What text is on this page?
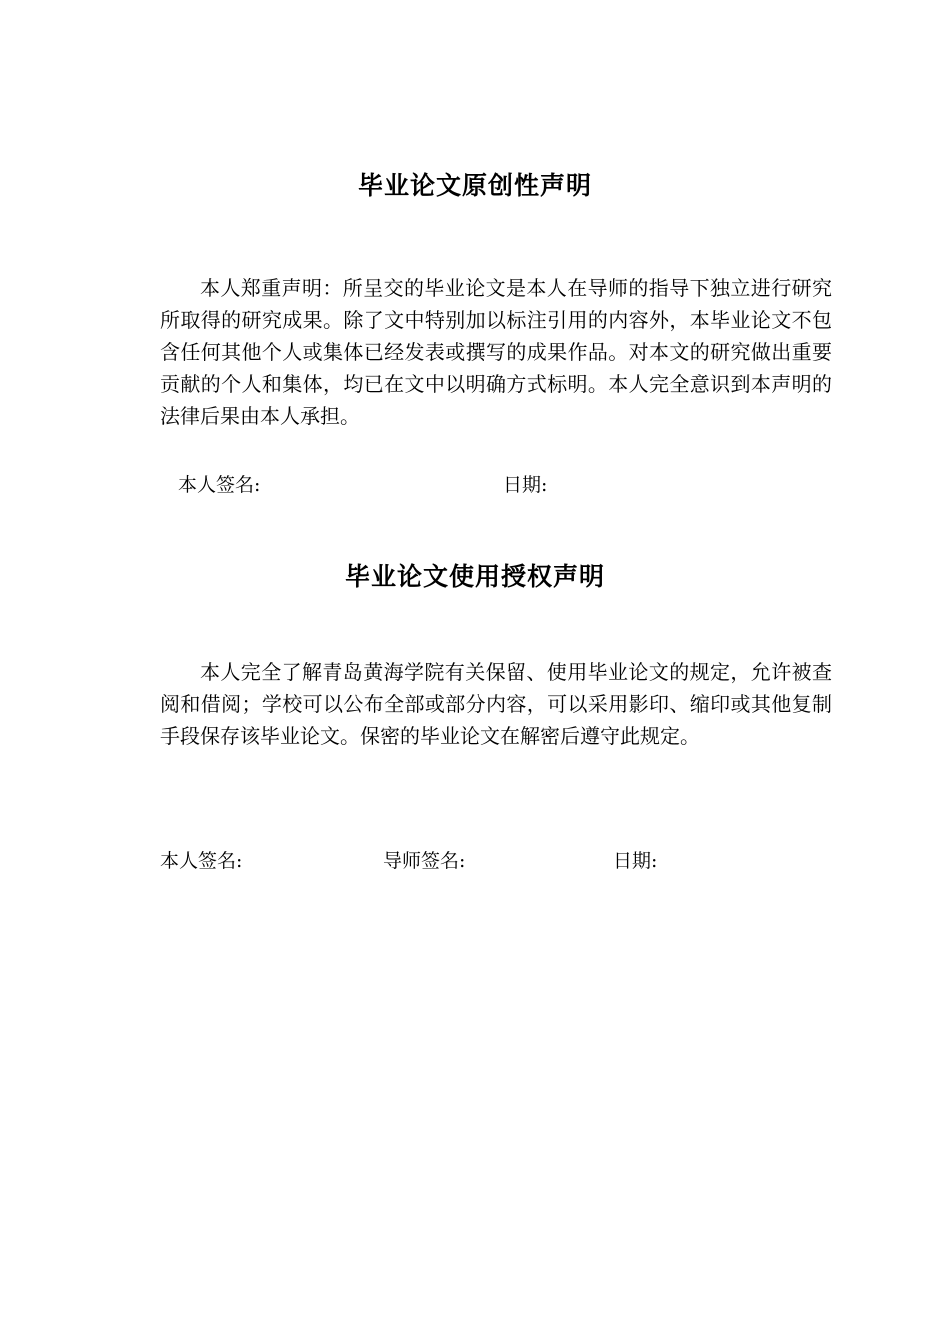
毕业论文原创性声明

本人郑重声明：所呈交的毕业论文是本人在导师的指导下独立进行研究所取得的研究成果。除了文中特别加以标注引用的内容外，本毕业论文不包含任何其他个人或集体已经发表或撰写的成果作品。对本文的研究做出重要贡献的个人和集体，均已在文中以明确方式标明。本人完全意识到本声明的法律后果由本人承担。

本人签名:	日期:
毕业论文使用授权声明

本人完全了解青岛黄海学院有关保留、使用毕业论文的规定，允许被查阅和借阅；学校可以公布全部或部分内容，可以采用影印、缩印或其他复制手段保存该毕业论文。保密的毕业论文在解密后遵守此规定。

本人签名:	导师签名:	日期:
